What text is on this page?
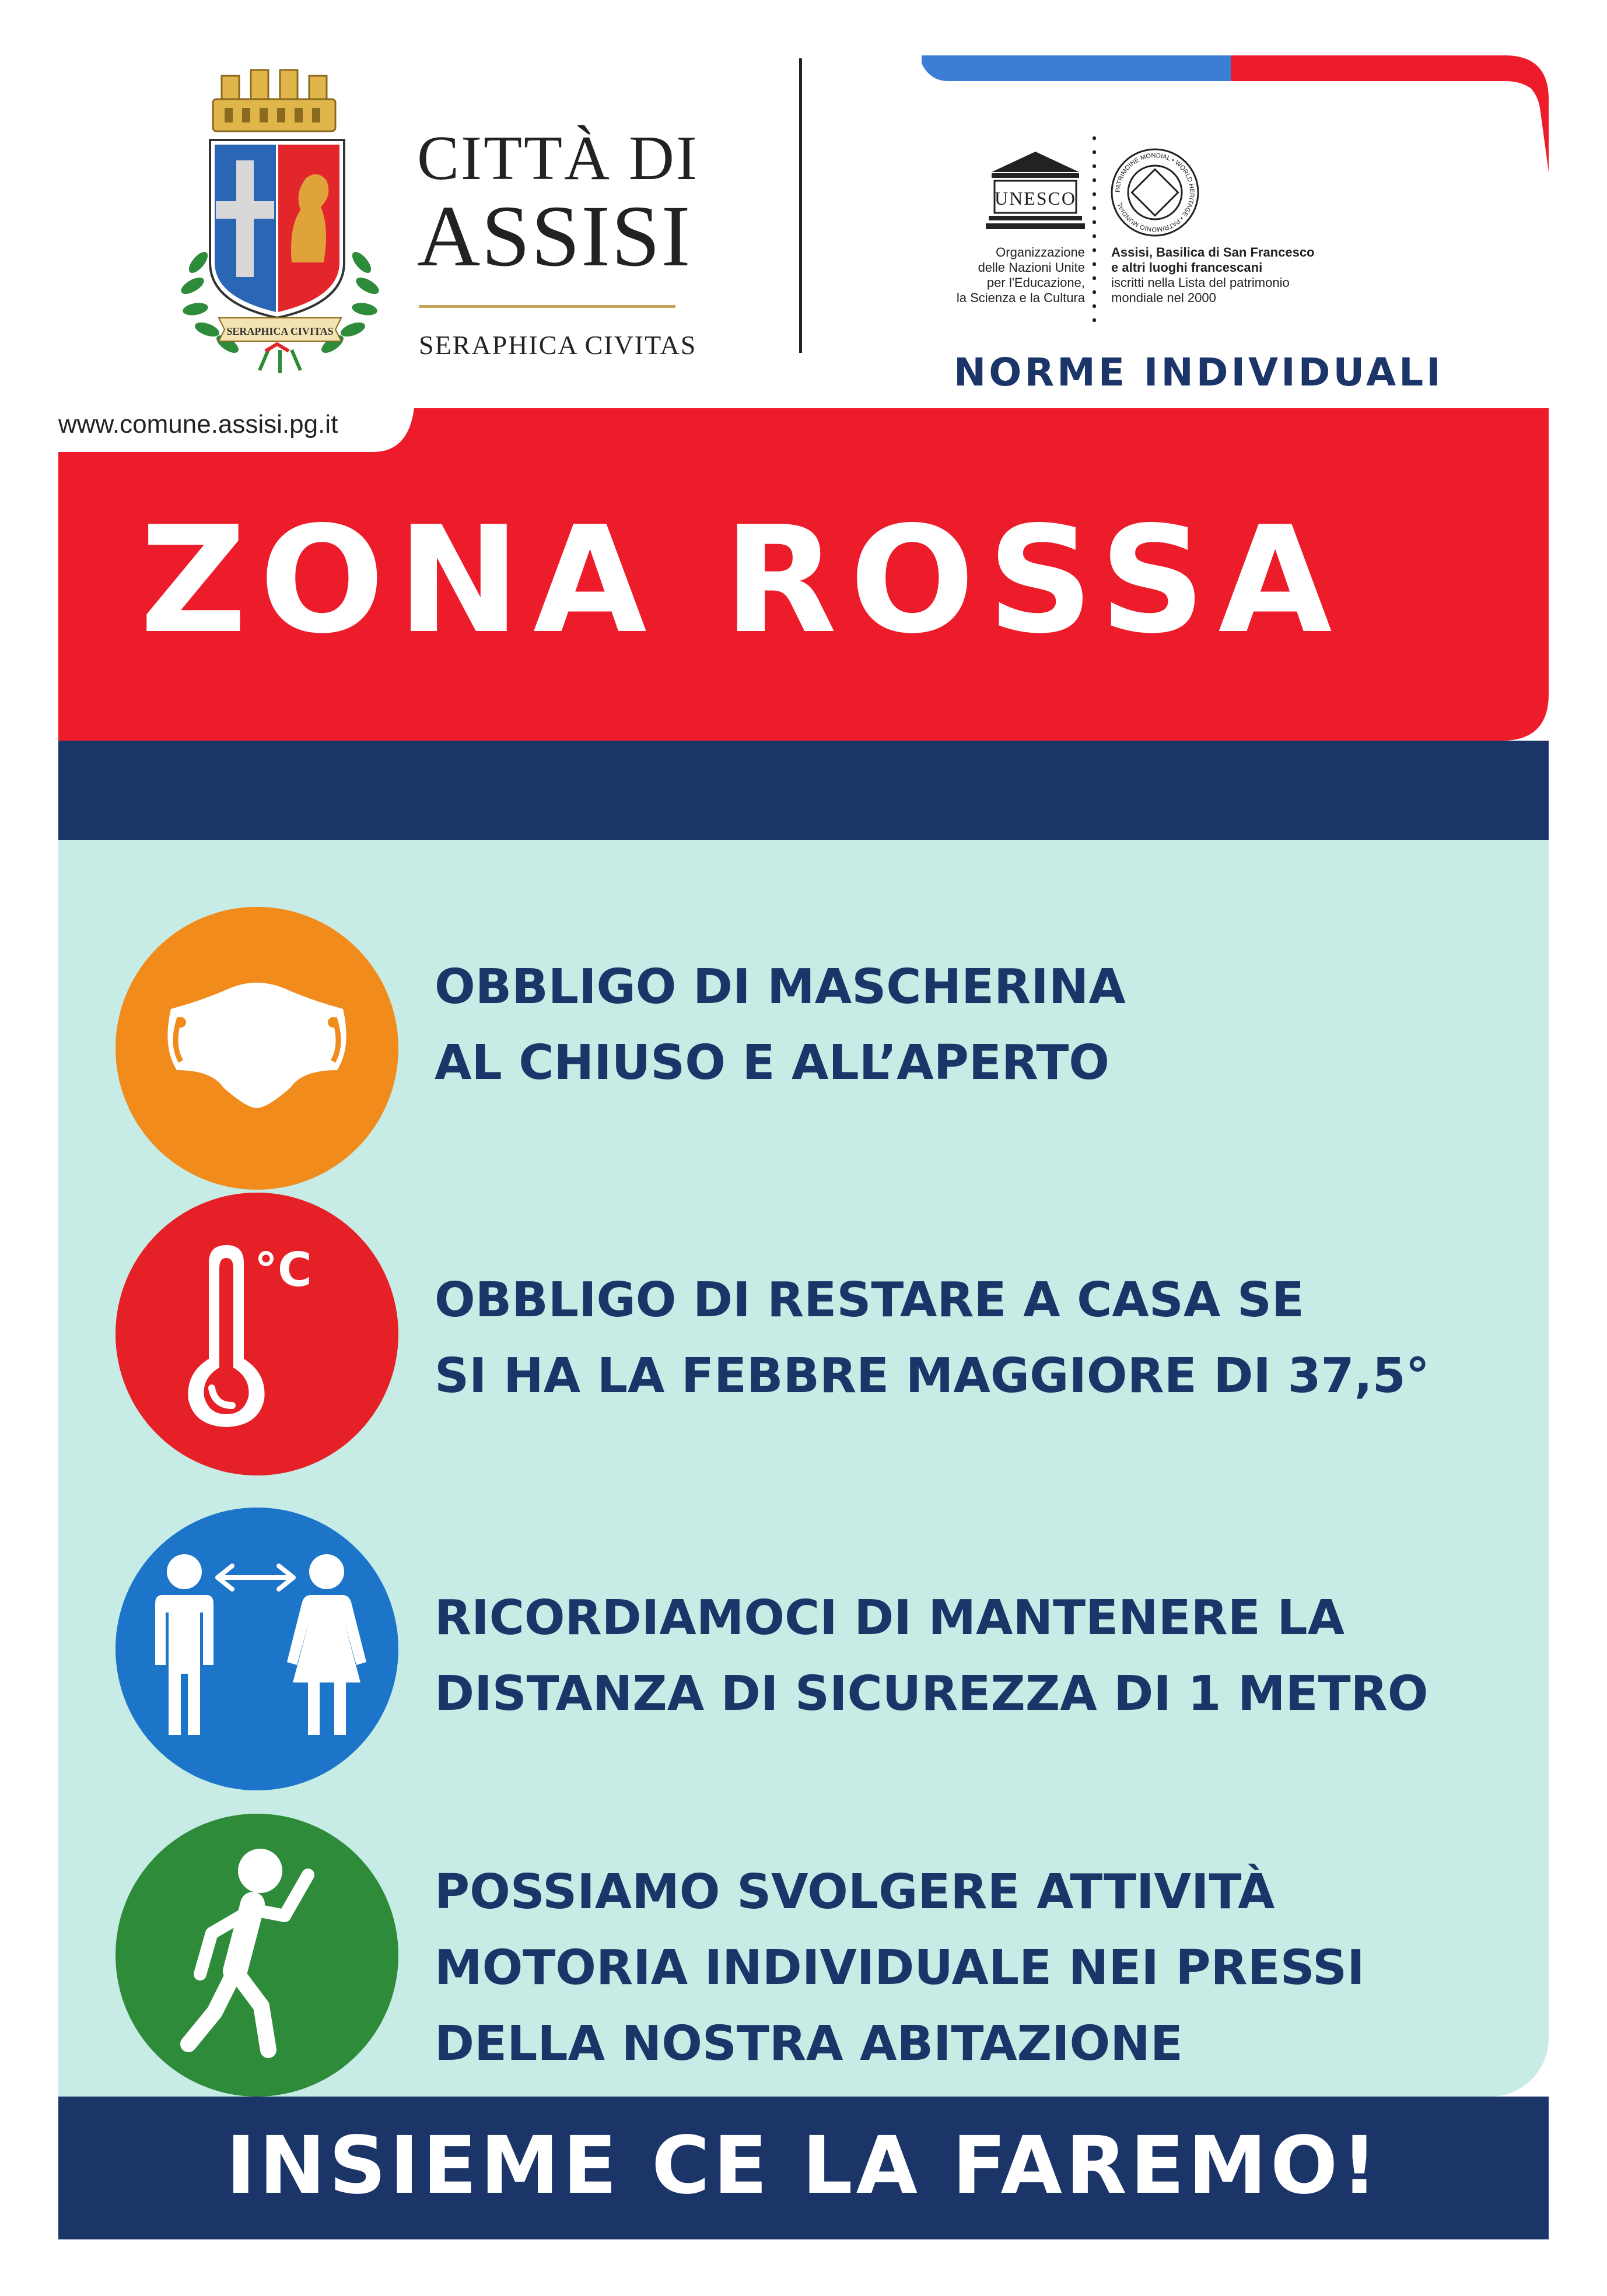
SERAPHICA CIVITAS
CITTÀ DI
ASSISI
SERAPHICA CIVITAS
UNESCO	PATRIMOINE MONDIAL • WORLD HERITAGE • PATRIMONIO MUNDIAL
Organizzazione
delle Nazioni Unite
per l'Educazione,
la Scienza e la Cultura
Assisi, Basilica di San Francesco
e altri luoghi francescani
iscritti nella Lista del patrimonio
mondiale nel 2000
NORME INDIVIDUALI
www.comune.assisi.pg.it
ZONA ROSSA
OBBLIGO DI MASCHERINA
AL CHIUSO E ALL’APERTO
°C
OBBLIGO DI RESTARE A CASA SE
SI HA LA FEBBRE MAGGIORE DI 37,5°
RICORDIAMOCI DI MANTENERE LA
DISTANZA DI SICUREZZA DI 1 METRO
POSSIAMO SVOLGERE ATTIVITÀ
MOTORIA INDIVIDUALE NEI PRESSI
DELLA NOSTRA ABITAZIONE
INSIEME CE LA FAREMO!
